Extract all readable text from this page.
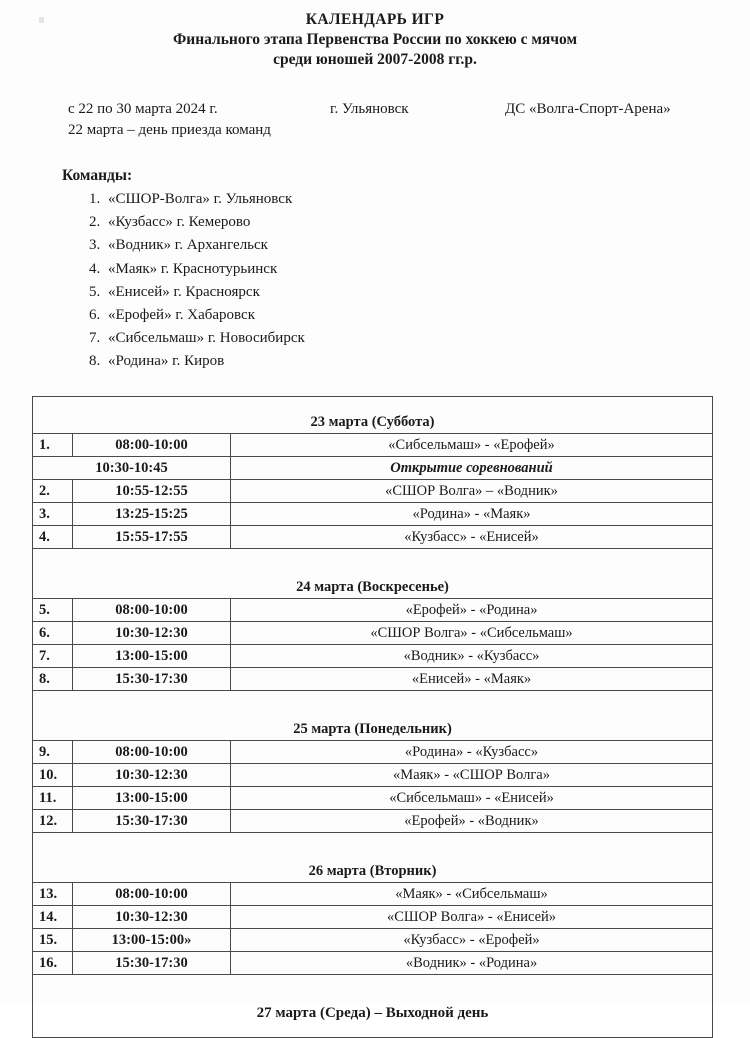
КАЛЕНДАРЬ ИГР
Финального этапа Первенства России по хоккею с мячом
среди юношей 2007-2008 гг.р.
с 22 по 30 марта 2024 г.	г. Ульяновск	ДС «Волга-Спорт-Арена»
22 марта – день приезда команд
Команды:
1. «СШОР-Волга» г. Ульяновск
2. «Кузбасс» г. Кемерово
3. «Водник» г. Архангельск
4. «Маяк» г. Краснотурьинск
5. «Енисей» г. Красноярск
6. «Ерофей» г. Хабаровск
7. «Сибсельмаш» г. Новосибирск
8. «Родина» г. Киров
23 марта (Суббота)		
1.	08:00-10:00	«Сибсельмаш» - «Ерофей»
10:30-10:45		Открытие соревнований
2.	10:55-12:55	«СШОР Волга» – «Водник»
3.	13:25-15:25	«Родина» - «Маяк»
4.	15:55-17:55	«Кузбасс» - «Енисей»

24 марта (Воскресенье)		
5.	08:00-10:00	«Ерофей» - «Родина»
6.	10:30-12:30	«СШОР Волга» - «Сибсельмаш»
7.	13:00-15:00	«Водник» - «Кузбасс»
8.	15:30-17:30	«Енисей» - «Маяк»

25 марта (Понедельник)		
9.	08:00-10:00	«Родина» - «Кузбасс»
10.	10:30-12:30	«Маяк» - «СШОР Волга»
11.	13:00-15:00	«Сибсельмаш» - «Енисей»
12.	15:30-17:30	«Ерофей» - «Водник»

26 марта (Вторник)		
13.	08:00-10:00	«Маяк» - «Сибсельмаш»
14.	10:30-12:30	«СШОР Волга» - «Енисей»
15.	13:00-15:00»	«Кузбасс» - «Ерофей»
16.	15:30-17:30	«Водник» - «Родина»

27 марта (Среда) – Выходной день		
